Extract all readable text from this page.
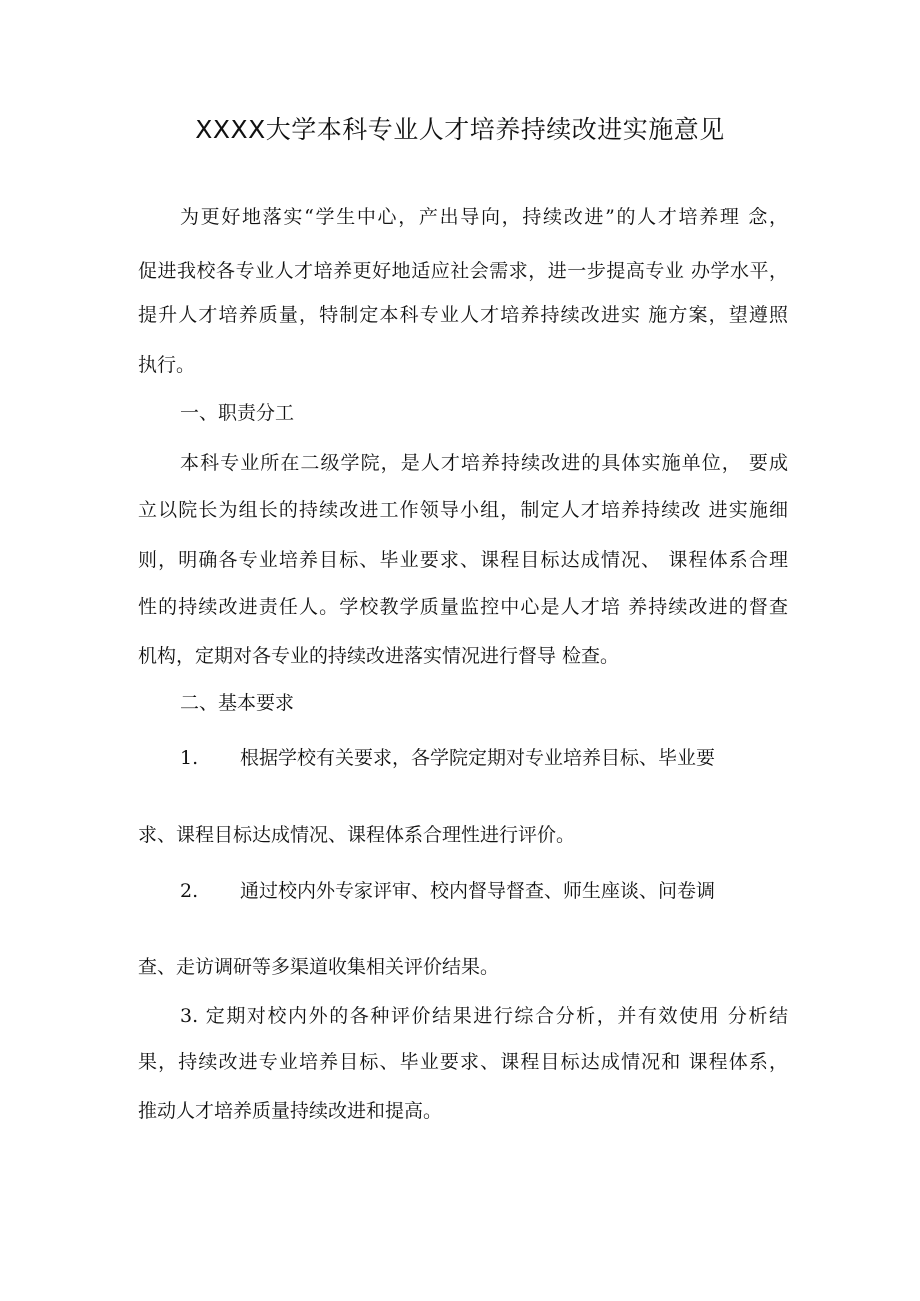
XXXX大学本科专业人才培养持续改进实施意见

为更好地落实“学生中心，产出导向，持续改进”的人才培养理 念，

促进我校各专业人才培养更好地适应社会需求，进一步提高专业 办学水平，

提升人才培养质量，特制定本科专业人才培养持续改进实 施方案，望遵照

执行。

一、职责分工

本科专业所在二级学院，是人才培养持续改进的具体实施单位， 要成

立以院长为组长的持续改进工作领导小组，制定人才培养持续改 进实施细

则，明确各专业培养目标、毕业要求、课程目标达成情况、 课程体系合理

性的持续改进责任人。学校教学质量监控中心是人才培 养持续改进的督查

机构，定期对各专业的持续改进落实情况进行督导 检查。

二、基本要求

1. 根据学校有关要求，各学院定期对专业培养目标、毕业要

求、课程目标达成情况、课程体系合理性进行评价。

2. 通过校内外专家评审、校内督导督查、师生座谈、问卷调

查、走访调研等多渠道收集相关评价结果。

3. 定期对校内外的各种评价结果进行综合分析，并有效使用 分析结

果，持续改进专业培养目标、毕业要求、课程目标达成情况和 课程体系，

推动人才培养质量持续改进和提高。
